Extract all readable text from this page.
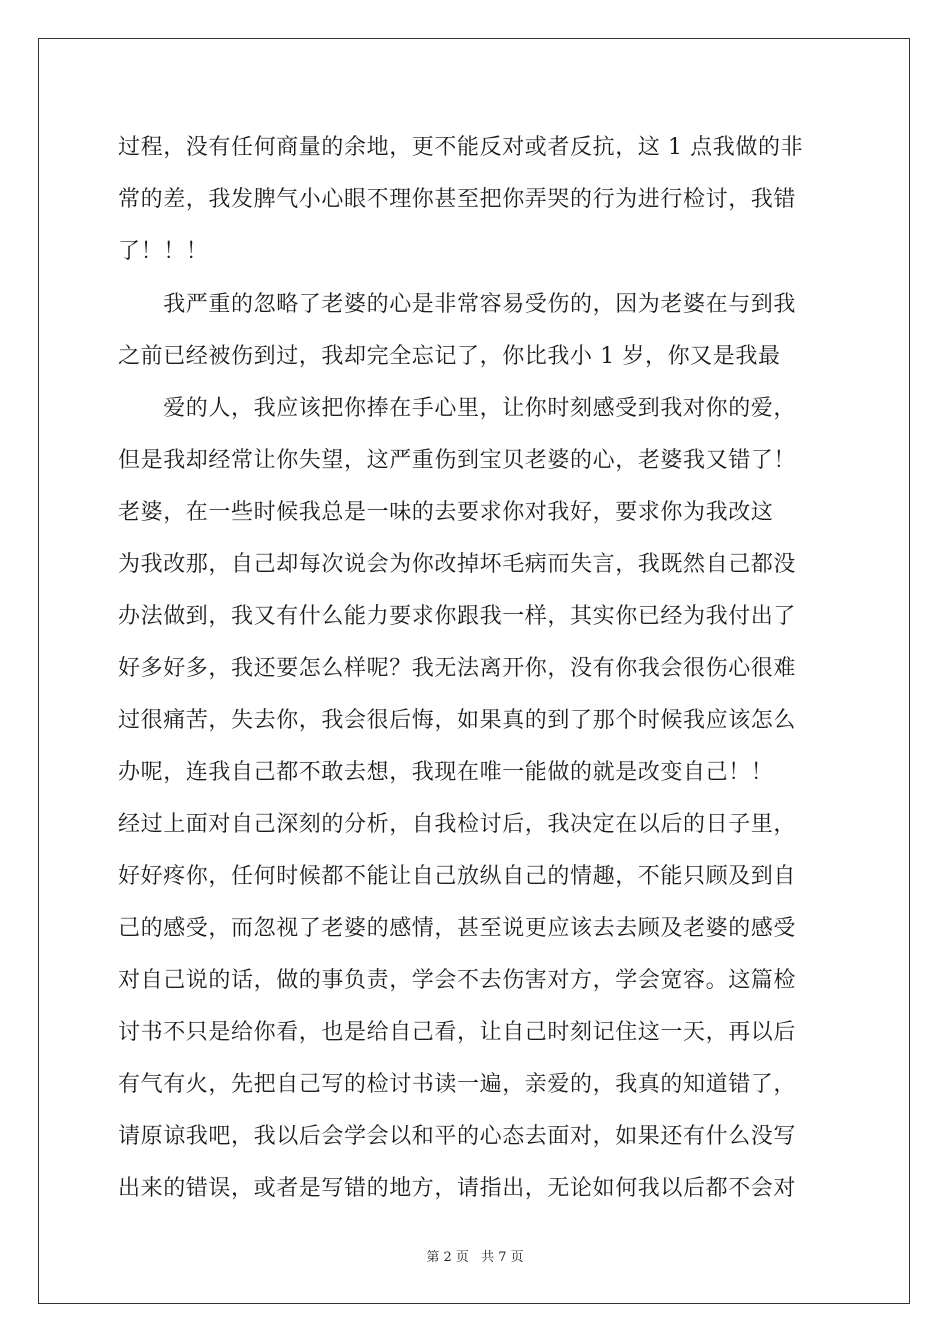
过程，没有任何商量的余地，更不能反对或者反抗，这 1 点我做的非
常的差，我发脾气小心眼不理你甚至把你弄哭的行为进行检讨，我错
了！！！
　　我严重的忽略了老婆的心是非常容易受伤的，因为老婆在与到我
之前已经被伤到过，我却完全忘记了，你比我小 1 岁，你又是我最
　　爱的人，我应该把你捧在手心里，让你时刻感受到我对你的爱，
但是我却经常让你失望，这严重伤到宝贝老婆的心，老婆我又错了！
老婆，在一些时候我总是一味的去要求你对我好，要求你为我改这
为我改那，自己却每次说会为你改掉坏毛病而失言，我既然自己都没
办法做到，我又有什么能力要求你跟我一样，其实你已经为我付出了
好多好多，我还要怎么样呢？我无法离开你，没有你我会很伤心很难
过很痛苦，失去你，我会很后悔，如果真的到了那个时候我应该怎么
办呢，连我自己都不敢去想，我现在唯一能做的就是改变自己！！
经过上面对自己深刻的分析，自我检讨后，我决定在以后的日子里，
好好疼你，任何时候都不能让自己放纵自己的情趣，不能只顾及到自
己的感受，而忽视了老婆的感情，甚至说更应该去去顾及老婆的感受
对自己说的话，做的事负责，学会不去伤害对方，学会宽容。这篇检
讨书不只是给你看，也是给自己看，让自己时刻记住这一天，再以后
有气有火，先把自己写的检讨书读一遍，亲爱的，我真的知道错了，
请原谅我吧，我以后会学会以和平的心态去面对，如果还有什么没写
出来的错误，或者是写错的地方，请指出，无论如何我以后都不会对
第 2 页 共 7 页
